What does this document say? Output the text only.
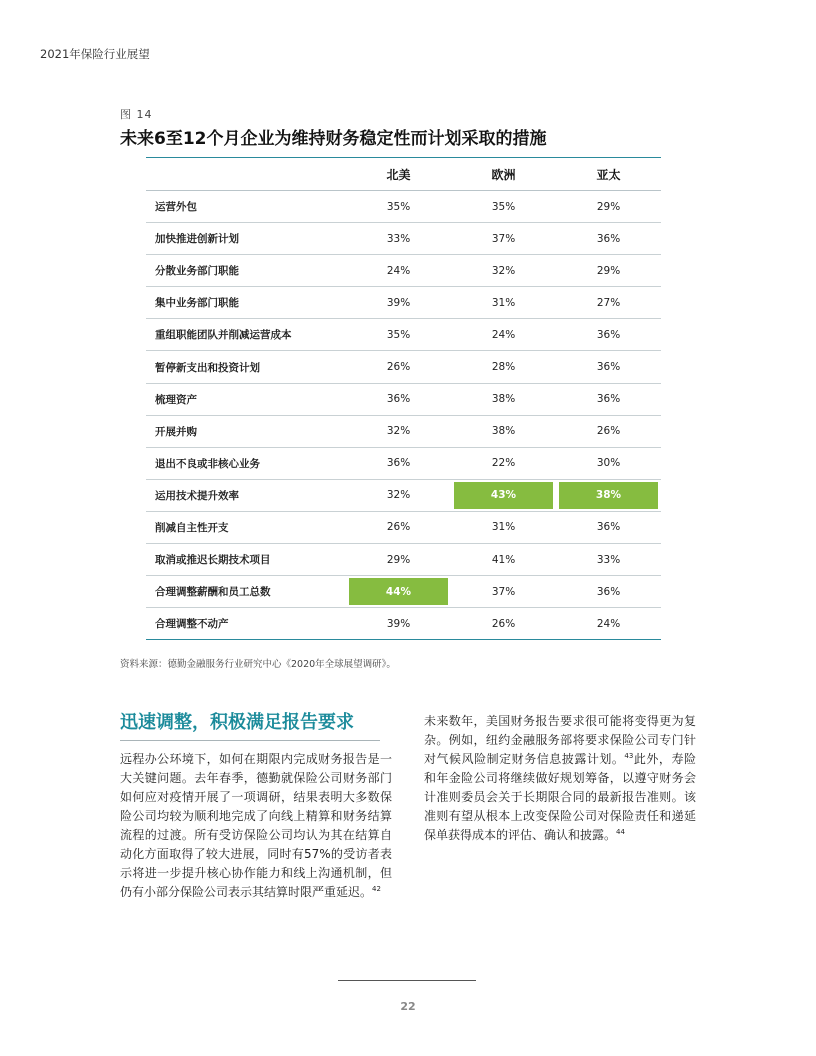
2021年保险行业展望
图 14
未来6至12个月企业为维持财务稳定性而计划采取的措施
	北美	欧洲	亚太
运营外包	35%	35%	29%
加快推进创新计划	33%	37%	36%
分散业务部门职能	24%	32%	29%
集中业务部门职能	39%	31%	27%
重组职能团队并削减运营成本	35%	24%	36%
暂停新支出和投资计划	26%	28%	36%
梳理资产	36%	38%	36%
开展并购	32%	38%	26%
退出不良或非核心业务	36%	22%	30%
运用技术提升效率	32%	43%	38%

削减自主性开支	26%	31%	36%
取消或推迟长期技术项目	29%	41%	33%
合理调整薪酬和员工总数	44%	37%	36%
合理调整不动产	39%	26%	24%
资料来源：德勤金融服务行业研究中心《2020年全球展望调研》。
迅速调整，积极满足报告要求
远程办公环境下，如何在期限内完成财务报告是一大关键问题。去年春季，德勤就保险公司财务部门如何应对疫情开展了一项调研，结果表明大多数保险公司均较为顺利地完成了向线上精算和财务结算流程的过渡。所有受访保险公司均认为其在结算自动化方面取得了较大进展，同时有57%的受访者表示将进一步提升核心协作能力和线上沟通机制，但仍有小部分保险公司表示其结算时限严重延迟。$^{42}$
未来数年，美国财务报告要求很可能将变得更为复杂。例如，纽约金融服务部将要求保险公司专门针对气候风险制定财务信息披露计划。$^{43}$此外，寿险和年金险公司将继续做好规划筹备，以遵守财务会计准则委员会关于长期限合同的最新报告准则。该准则有望从根本上改变保险公司对保险责任和递延保单获得成本的评估、确认和披露。$^{44}$
22
